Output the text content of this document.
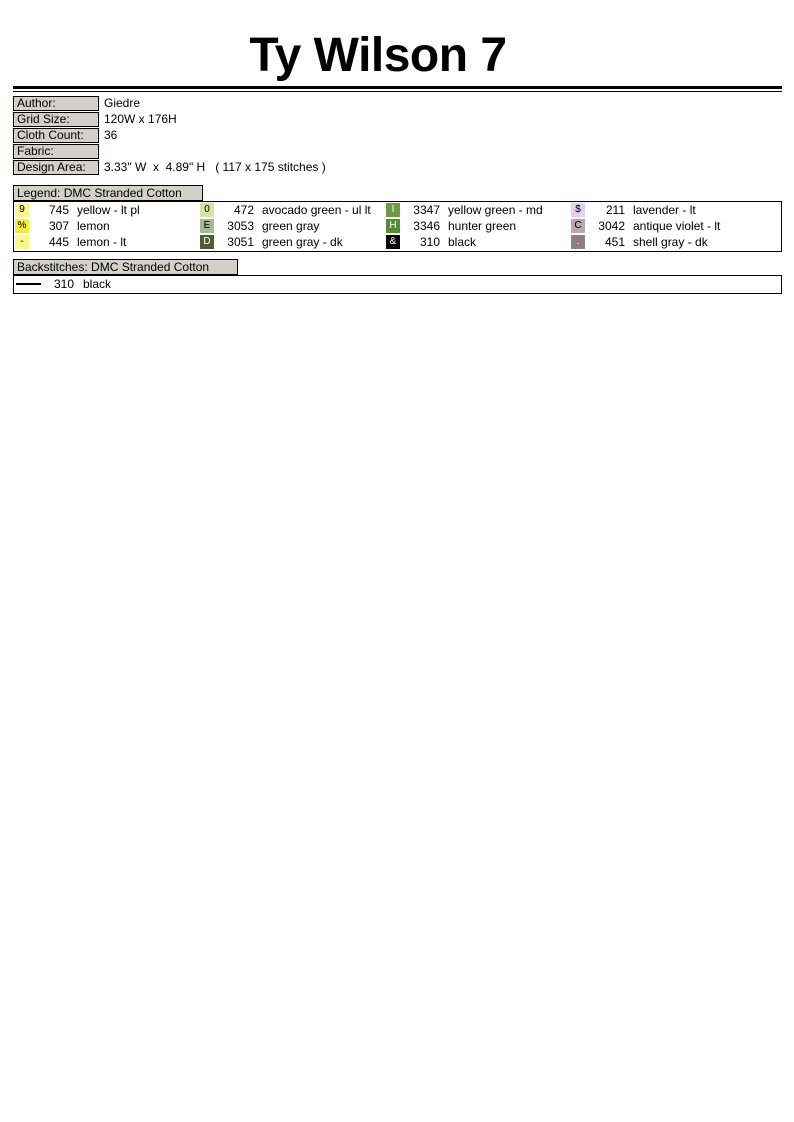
Ty Wilson 7
Author:	Giedre
Grid Size:	120W x 176H
Cloth Count:	36
Fabric:
Design Area:	3.33" W  x  4.89" H   ( 117 x 175 stitches )
Legend: DMC Stranded Cotton
9	745 yellow - lt pl
%	307 lemon
-	445 lemon - lt
0	472 avocado green - ul lt
E	3053 green gray
D	3051 green gray - dk
I	3347 yellow green - md
H	3346 hunter green
&	310 black
$	211 lavender - lt
C	3042 antique violet - lt
.	451 shell gray - dk
Backstitches: DMC Stranded Cotton
310 black
